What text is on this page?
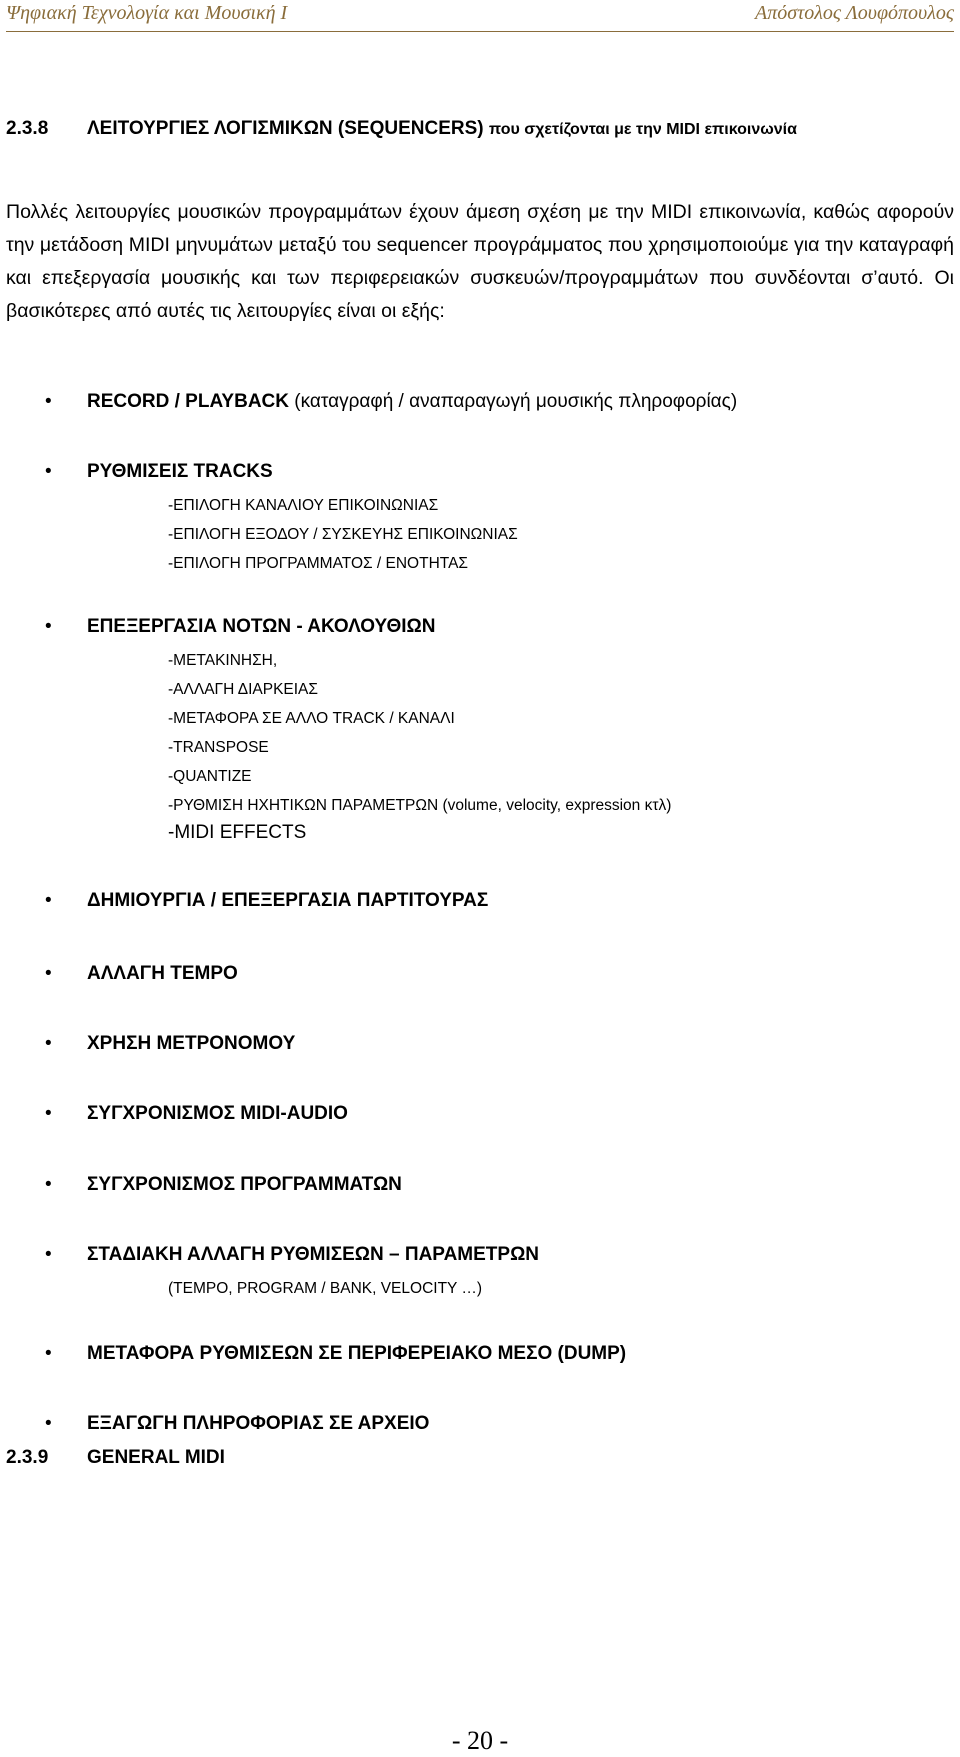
Ψηφιακή Τεχνολογία και Μουσική Ι	Απόστολος Λουφόπουλος
2.3.8 ΛΕΙΤΟΥΡΓΙΕΣ ΛΟΓΙΣΜΙΚΩΝ (SEQUENCERS) που σχετίζονται με την MIDI επικοινωνία

Πολλές λειτουργίες μουσικών προγραμμάτων έχουν άμεση σχέση με την MIDI επικοινωνία, καθώς αφορούν την μετάδοση MIDI μηνυμάτων μεταξύ του sequencer προγράμματος που χρησιμοποιούμε για την καταγραφή και επεξεργασία μουσικής και των περιφερειακών συσκευών/προγραμμάτων που συνδέονται σ’αυτό. Οι βασικότερες από αυτές τις λειτουργίες είναι οι εξής:

• RECORD / PLAYBACK (καταγραφή / αναπαραγωγή μουσικής πληροφορίας)
• ΡΥΘΜΙΣΕΙΣ TRACKS
-ΕΠΙΛΟΓΗ ΚΑΝΑΛΙΟΥ ΕΠΙΚΟΙΝΩΝΙΑΣ
-ΕΠΙΛΟΓΗ ΕΞΟΔΟΥ / ΣΥΣΚΕΥΗΣ ΕΠΙΚΟΙΝΩΝΙΑΣ
-ΕΠΙΛΟΓΗ ΠΡΟΓΡΑΜΜΑΤΟΣ / ΕΝΟΤΗΤΑΣ
• ΕΠΕΞΕΡΓΑΣΙΑ ΝΟΤΩΝ - ΑΚΟΛΟΥΘΙΩΝ
-ΜΕΤΑΚΙΝΗΣΗ,
-ΑΛΛΑΓΗ ΔΙΑΡΚΕΙΑΣ
-ΜΕΤΑΦΟΡΑ ΣΕ ΑΛΛΟ TRACK / ΚΑΝΑΛΙ
-TRANSPOSE
-QUANTIZE
-ΡΥΘΜΙΣΗ ΗΧΗΤΙΚΩΝ ΠΑΡΑΜΕΤΡΩΝ (volume, velocity, expression κτλ)
-MIDI EFFECTS
• ΔΗΜΙΟΥΡΓΙΑ / ΕΠΕΞΕΡΓΑΣΙΑ ΠΑΡΤΙΤΟΥΡΑΣ
• ΑΛΛΑΓΗ ΤΕΜΡΟ
• ΧΡΗΣΗ ΜΕΤΡΟΝΟΜΟΥ
• ΣΥΓΧΡΟΝΙΣΜΟΣ MIDI-AUDIO
• ΣΥΓΧΡΟΝΙΣΜΟΣ ΠΡΟΓΡΑΜΜΑΤΩΝ
• ΣΤΑΔΙΑΚΗ ΑΛΛΑΓΗ ΡΥΘΜΙΣΕΩΝ – ΠΑΡΑΜΕΤΡΩΝ
(TEMPO, PROGRAM / BANK, VELOCITY …)
• ΜΕΤΑΦΟΡΑ ΡΥΘΜΙΣΕΩΝ ΣΕ ΠΕΡΙΦΕΡΕΙΑΚΟ ΜΕΣΟ (DUMP)
• ΕΞΑΓΩΓΗ ΠΛΗΡΟΦΟΡΙΑΣ ΣΕ ΑΡΧΕΙΟ
2.3.9 GENERAL MIDI
- 20 -
